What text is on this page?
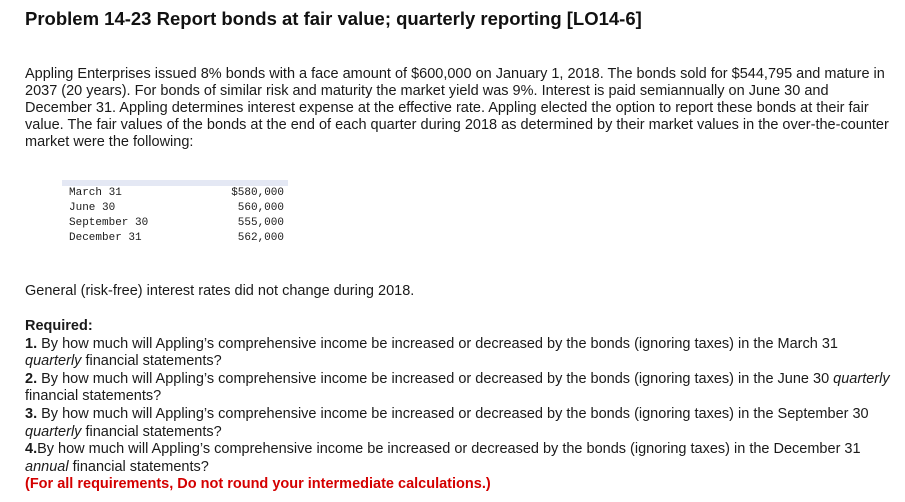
Problem 14-23 Report bonds at fair value; quarterly reporting [LO14-6]

Appling Enterprises issued 8% bonds with a face amount of $600,000 on January 1, 2018. The bonds sold for $544,795 and mature in 2037 (20 years). For bonds of similar risk and maturity the market yield was 9%. Interest is paid semiannually on June 30 and December 31. Appling determines interest expense at the effective rate. Appling elected the option to report these bonds at their fair value. The fair values of the bonds at the end of each quarter during 2018 as determined by their market values in the over-the-counter market were the following:

March 31	$580,000
June 30	560,000
September 30	555,000
December 31	562,000

General (risk-free) interest rates did not change during 2018.

Required:

1. By how much will Appling’s comprehensive income be increased or decreased by the bonds (ignoring taxes) in the March 31 quarterly financial statements?

2. By how much will Appling’s comprehensive income be increased or decreased by the bonds (ignoring taxes) in the June 30 quarterly financial statements?

3. By how much will Appling’s comprehensive income be increased or decreased by the bonds (ignoring taxes) in the September 30 quarterly financial statements?

4.By how much will Appling’s comprehensive income be increased or decreased by the bonds (ignoring taxes) in the December 31 annual financial statements?

(For all requirements, Do not round your intermediate calculations.)
